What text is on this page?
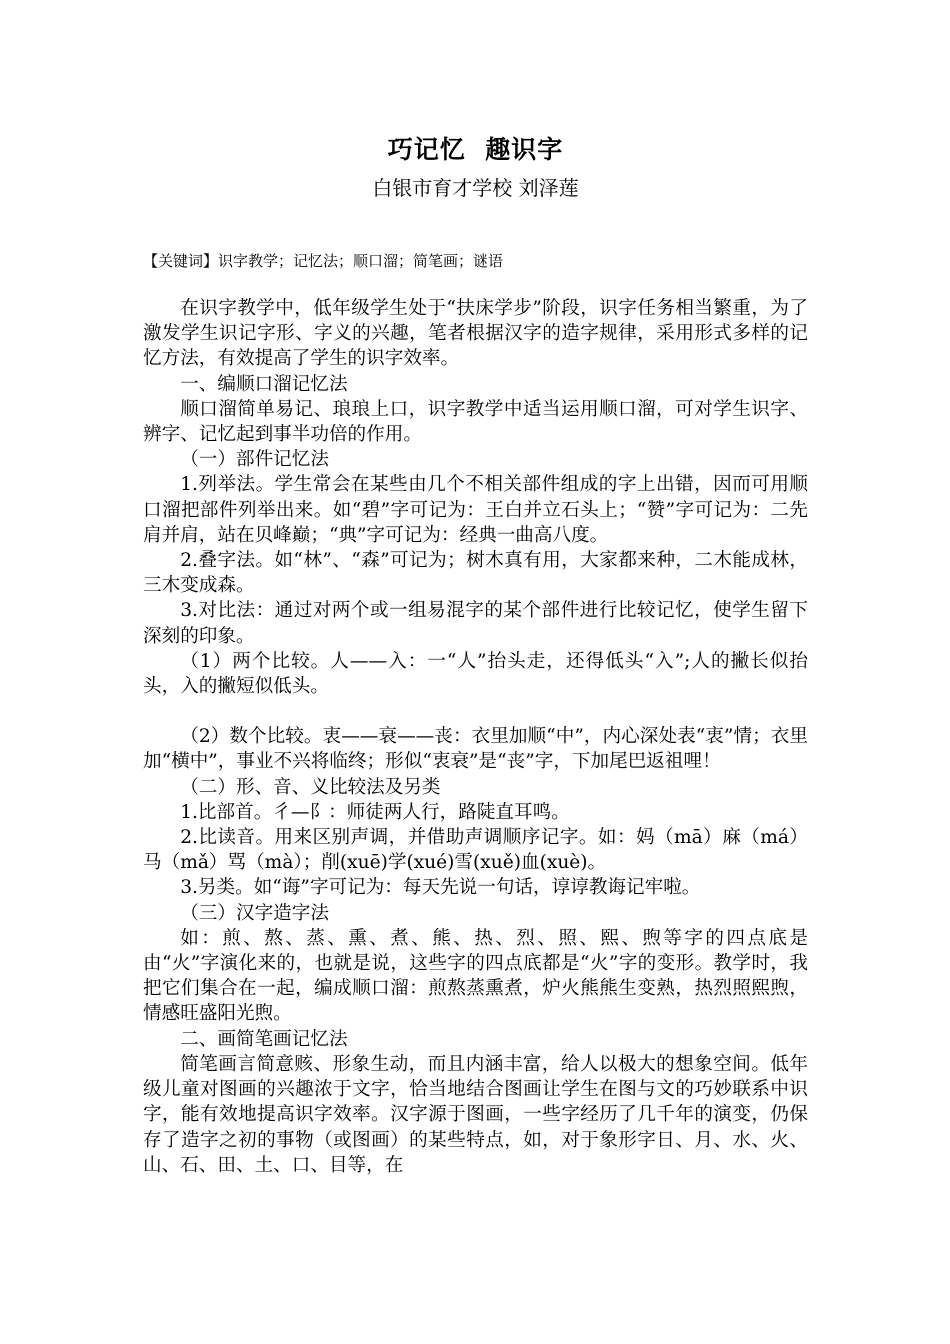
巧记忆  趣识字
白银市育才学校 刘泽莲
【关键词】识字教学；记忆法；顺口溜；简笔画；谜语

在识字教学中，低年级学生处于“扶床学步”阶段，识字任务相当繁重，为了激发学生识记字形、字义的兴趣，笔者根据汉字的造字规律，采用形式多样的记忆方法，有效提高了学生的识字效率。

一、编顺口溜记忆法

顺口溜简单易记、琅琅上口，识字教学中适当运用顺口溜，可对学生识字、辨字、记忆起到事半功倍的作用。

（一）部件记忆法

1.列举法。学生常会在某些由几个不相关部件组成的字上出错，因而可用顺口溜把部件列举出来。如“碧”字可记为：王白并立石头上；“赞”字可记为：二先肩并肩，站在贝峰巅；“典”字可记为：经典一曲高八度。

2.叠字法。如“林”、“森”可记为；树木真有用，大家都来种，二木能成林，三木变成森。

3.对比法：通过对两个或一组易混字的某个部件进行比较记忆，使学生留下深刻的印象。

（1）两个比较。人——入：一“人”抬头走，还得低头“入”;人的撇长似抬头，入的撇短似低头。

（2）数个比较。衷——衰——丧：衣里加顺“中”，内心深处表“衷”情；衣里加“横中”，事业不兴将临终；形似“衷衰”是“丧”字，下加尾巴返祖哩！

（二）形、音、义比较法及另类

1.比部首。彳—阝：师徒两人行，路陡直耳鸣。

2.比读音。用来区别声调，并借助声调顺序记字。如：妈（mā）麻（má）马（mǎ）骂（mà）；削(xuē)学(xué)雪(xuě)血(xuè)。

3.另类。如“诲”字可记为：每天先说一句话，谆谆教诲记牢啦。

（三）汉字造字法

如：煎、熬、蒸、熏、煮、熊、热、烈、照、熙、煦等字的四点底是由“火”字演化来的，也就是说，这些字的四点底都是“火”字的变形。教学时，我把它们集合在一起，编成顺口溜：煎熬蒸熏煮，炉火熊熊生变熟，热烈照熙煦，情感旺盛阳光煦。

二、画简笔画记忆法

简笔画言简意赅、形象生动，而且内涵丰富，给人以极大的想象空间。低年级儿童对图画的兴趣浓于文字，恰当地结合图画让学生在图与文的巧妙联系中识字，能有效地提高识字效率。汉字源于图画，一些字经历了几千年的演变，仍保存了造字之初的事物（或图画）的某些特点，如，对于象形字日、月、水、火、山、石、田、土、口、目等，在
